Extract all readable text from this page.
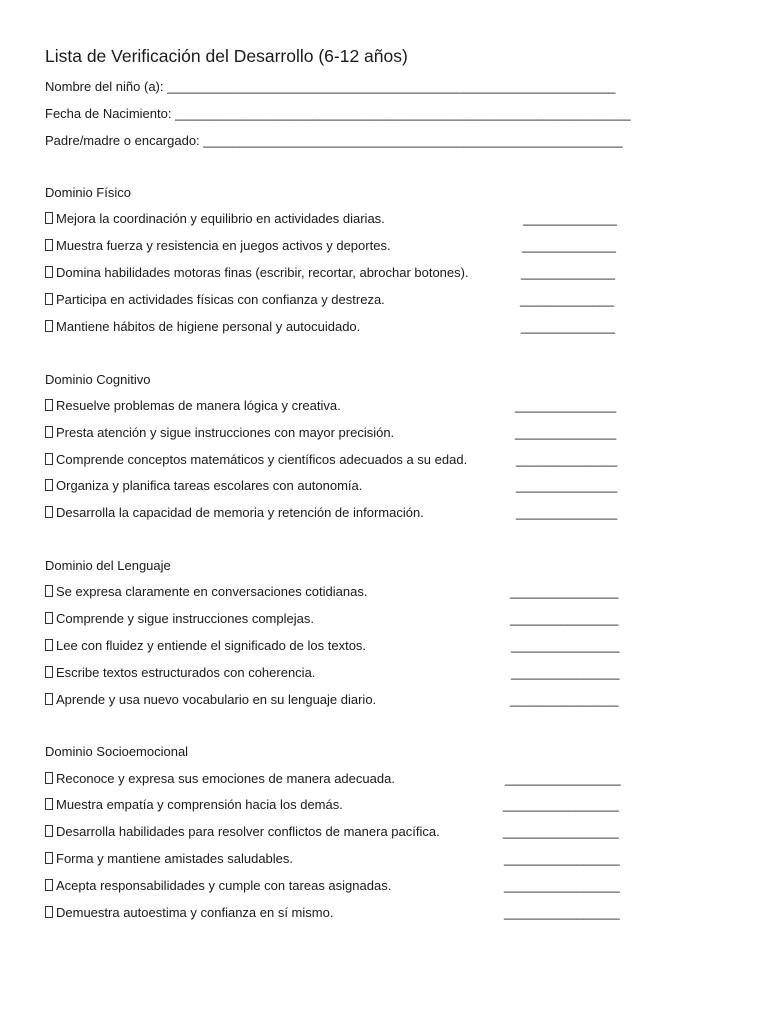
Lista de Verificación del Desarrollo (6-12 años)
Nombre del niño (a): ______________________________________________________________
Fecha de Nacimiento: _______________________________________________________________
Padre/madre o encargado: __________________________________________________________
Dominio Físico
Mejora la coordinación y equilibrio en actividades diarias.	_____________
Muestra fuerza y resistencia en juegos activos y deportes.	_____________
Domina habilidades motoras finas (escribir, recortar, abrochar botones).	_____________
Participa en actividades físicas con confianza y destreza.	_____________
Mantiene hábitos de higiene personal y autocuidado.	_____________
Dominio Cognitivo
Resuelve problemas de manera lógica y creativa.	______________
Presta atención y sigue instrucciones con mayor precisión.	______________
Comprende conceptos matemáticos y científicos adecuados a su edad.	______________
Organiza y planifica tareas escolares con autonomía.	______________
Desarrolla la capacidad de memoria y retención de información.	______________
Dominio del Lenguaje
Se expresa claramente en conversaciones cotidianas.	_______________
Comprende y sigue instrucciones complejas.	_______________
Lee con fluidez y entiende el significado de los textos.	_______________
Escribe textos estructurados con coherencia.	_______________
Aprende y usa nuevo vocabulario en su lenguaje diario.	_______________
Dominio Socioemocional
Reconoce y expresa sus emociones de manera adecuada.	________________
Muestra empatía y comprensión hacia los demás.	________________
Desarrolla habilidades para resolver conflictos de manera pacífica.	________________
Forma y mantiene amistades saludables.	________________
Acepta responsabilidades y cumple con tareas asignadas.	________________
Demuestra autoestima y confianza en sí mismo.	________________
